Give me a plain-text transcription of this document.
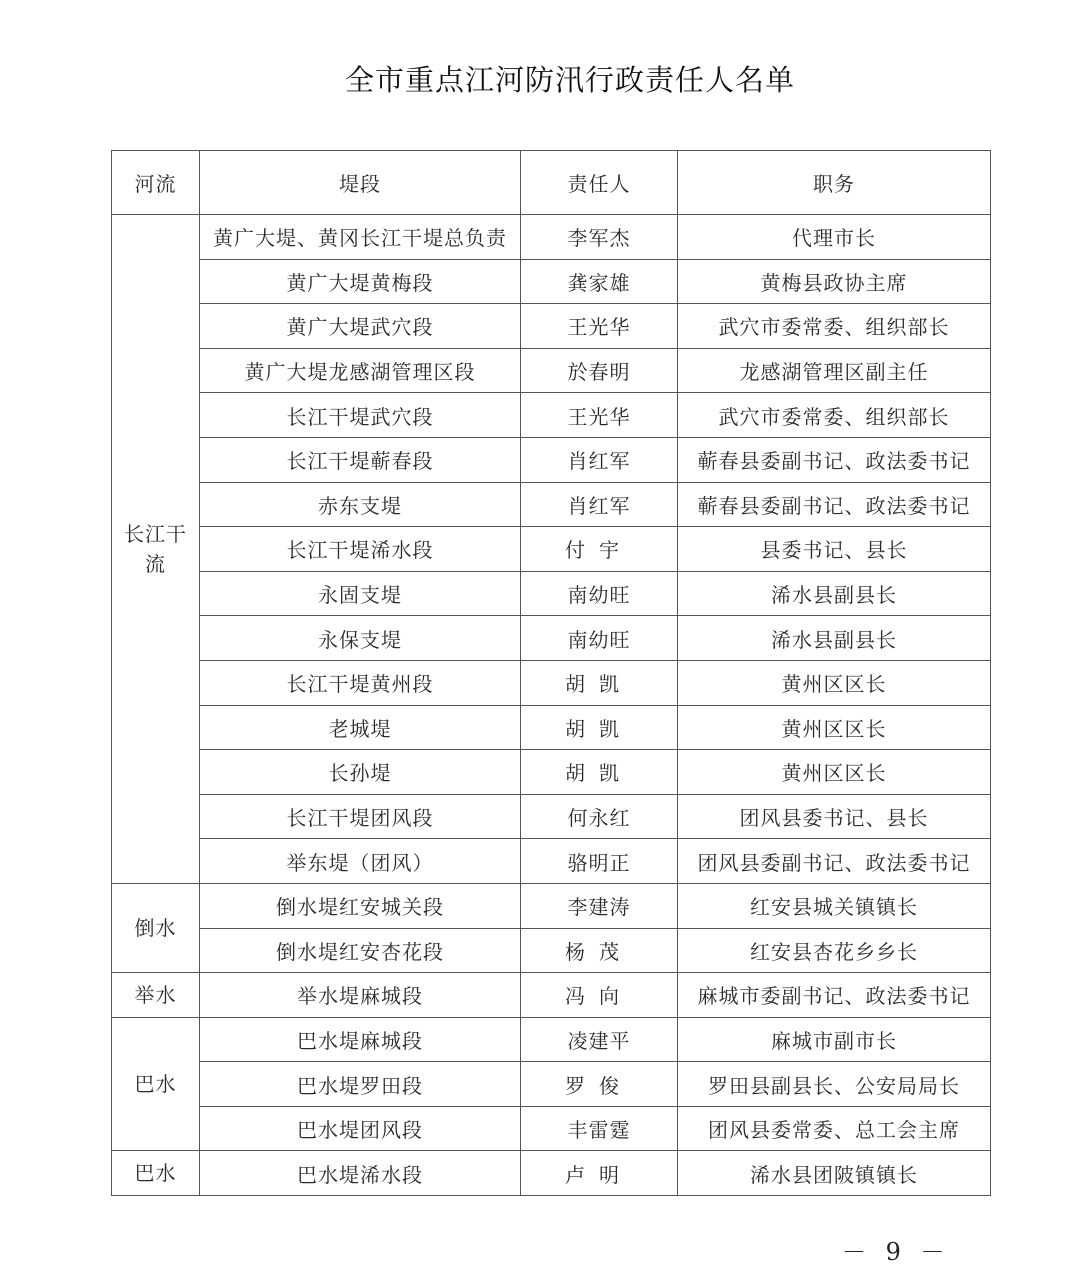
全市重点江河防汛行政责任人名单
河流	堤段	责任人	职务
长江干流	黄广大堤、黄冈长江干堤总负责	李军杰	代理市长
	黄广大堤黄梅段	龚家雄	黄梅县政协主席
	黄广大堤武穴段	王光华	武穴市委常委、组织部长
	黄广大堤龙感湖管理区段	於春明	龙感湖管理区副主任
	长江干堤武穴段	王光华	武穴市委常委、组织部长
	长江干堤蕲春段	肖红军	蕲春县委副书记、政法委书记
	赤东支堤	肖红军	蕲春县委副书记、政法委书记
	长江干堤浠水段	付宇	县委书记、县长
	永固支堤	南幼旺	浠水县副县长
	永保支堤	南幼旺	浠水县副县长
	长江干堤黄州段	胡凯	黄州区区长
	老城堤	胡凯	黄州区区长
	长孙堤	胡凯	黄州区区长
	长江干堤团风段	何永红	团风县委书记、县长
	举东堤（团风）	骆明正	团风县委副书记、政法委书记
倒水	倒水堤红安城关段	李建涛	红安县城关镇镇长
	倒水堤红安杏花段	杨茂	红安县杏花乡乡长
举水	举水堤麻城段	冯向	麻城市委副书记、政法委书记
巴水	巴水堤麻城段	凌建平	麻城市副市长
	巴水堤罗田段	罗俊	罗田县副县长、公安局局长
	巴水堤团风段	丰雷霆	团风县委常委、总工会主席
巴水	巴水堤浠水段	卢明	浠水县团陂镇镇长
－ 9 －
